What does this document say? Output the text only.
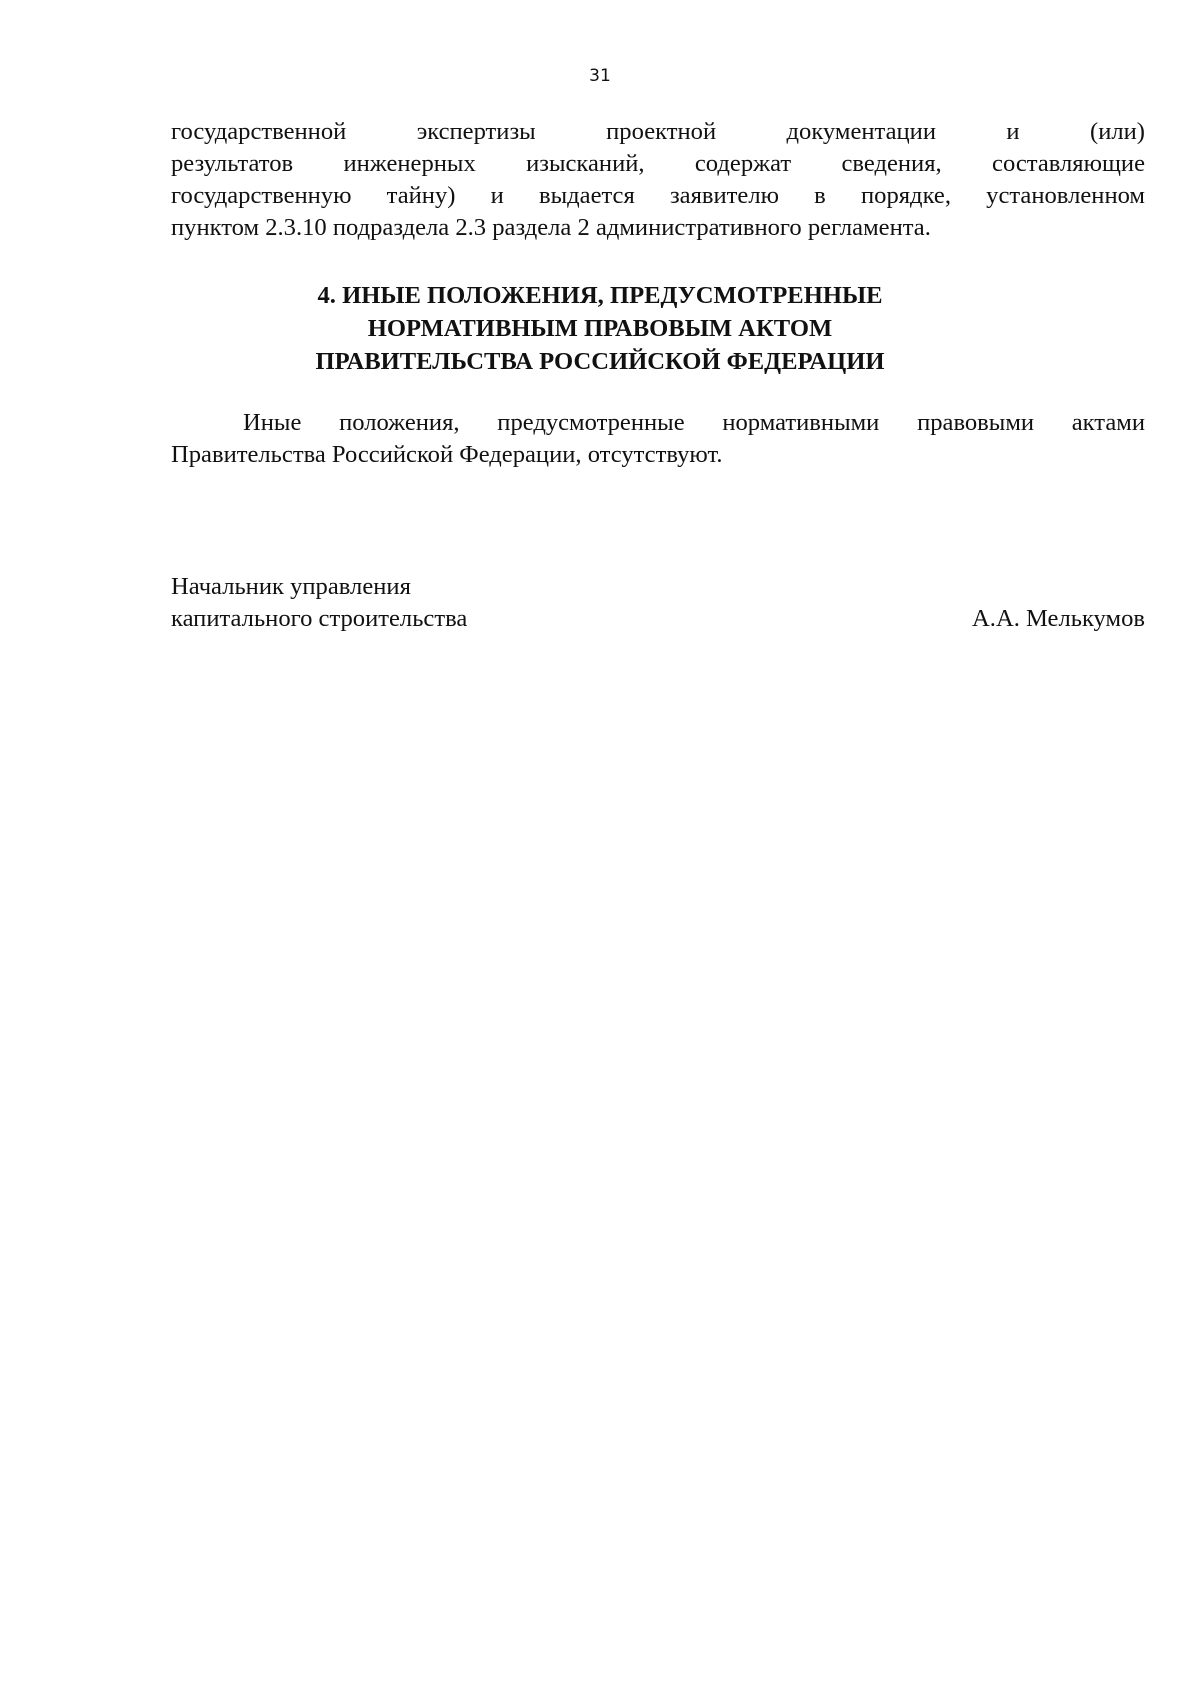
31
государственной экспертизы проектной документации и (или)
результатов инженерных изысканий, содержат сведения, составляющие
государственную тайну) и выдается заявителю в порядке, установленном
пунктом 2.3.10 подраздела 2.3 раздела 2 административного регламента.
4. ИНЫЕ ПОЛОЖЕНИЯ, ПРЕДУСМОТРЕННЫЕ
НОРМАТИВНЫМ ПРАВОВЫМ АКТОМ
ПРАВИТЕЛЬСТВА РОССИЙСКОЙ ФЕДЕРАЦИИ
Иные положения, предусмотренные нормативными правовыми актами
Правительства Российской Федерации, отсутствуют.
Начальник управления
капитального строительства	А.А. Мелькумов
